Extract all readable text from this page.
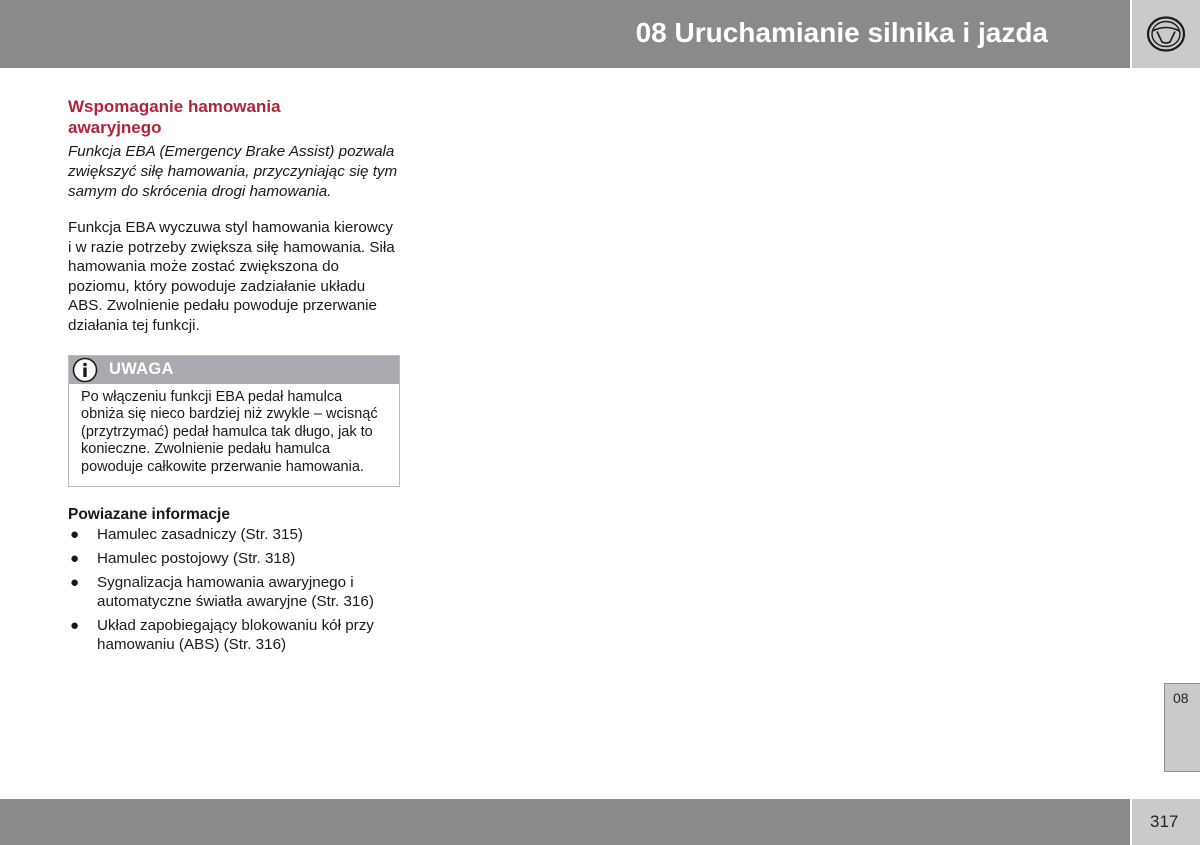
08 Uruchamianie silnika i jazda
Wspomaganie hamowania awaryjnego

Funkcja EBA (Emergency Brake Assist) pozwala zwiększyć siłę hamowania, przyczyniając się tym samym do skrócenia drogi hamowania.

Funkcja EBA wyczuwa styl hamowania kierowcy i w razie potrzeby zwiększa siłę hamowania. Siła hamowania może zostać zwiększona do poziomu, który powoduje zadziałanie układu ABS. Zwolnienie pedału powoduje przerwanie działania tej funkcji.

UWAGA
Po włączeniu funkcji EBA pedał hamulca obniża się nieco bardziej niż zwykle – wcisnąć (przytrzymać) pedał hamulca tak długo, jak to konieczne. Zwolnienie pedału hamulca powoduje całkowite przerwanie hamowania.
Powiazane informacje
● Hamulec zasadniczy (Str. 315)
● Hamulec postojowy (Str. 318)
● Sygnalizacja hamowania awaryjnego i automatyczne światła awaryjne (Str. 316)
● Układ zapobiegający blokowaniu kół przy hamowaniu (ABS) (Str. 316)
08
317
